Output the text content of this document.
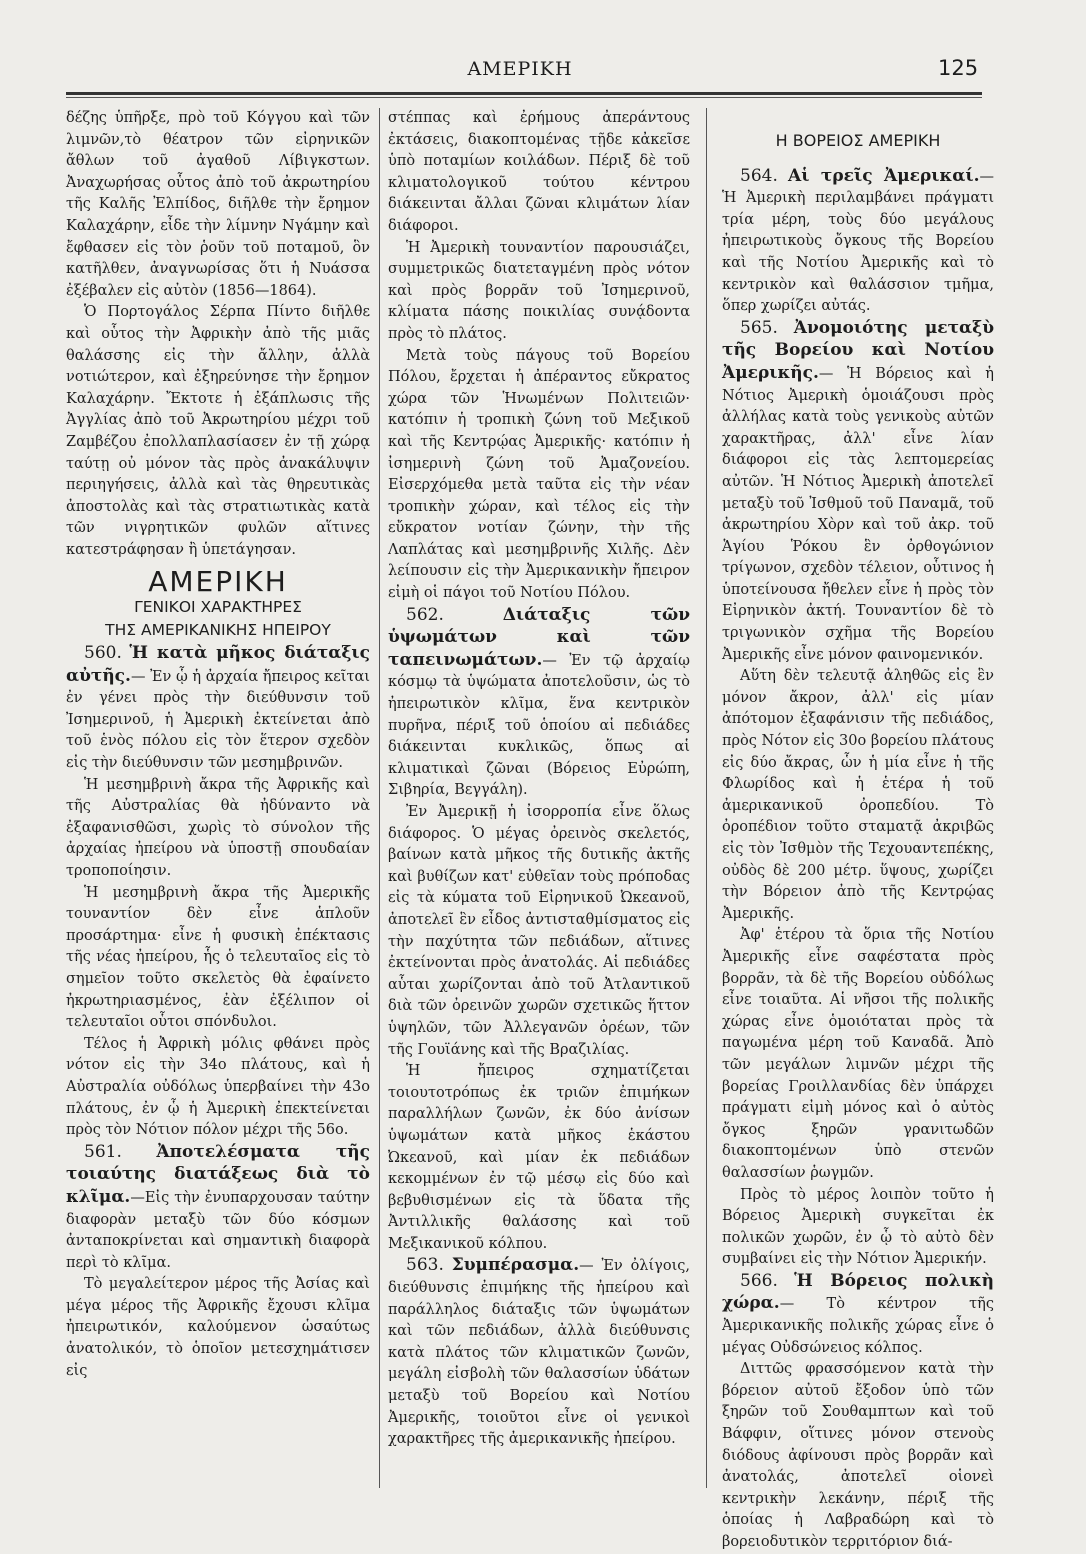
ΑΜΕΡΙΚΗ	125

δέζης ὑπῆρξε, πρὸ τοῦ Κόγγου καὶ τῶν λιμνῶν,τὸ θέατρον τῶν εἰρηνικῶν ἄθλων τοῦ ἀγαθοῦ Λίβιγκστων. Ἀναχωρήσας οὗτος ἀπὸ τοῦ ἀκρωτηρίου τῆς Καλῆς Ἐλπίδος, διῆλθε τὴν ἔρημον Καλαχάρην, εἶδε τὴν λίμνην Νγάμην καὶ ἔφθασεν εἰς τὸν ῥοῦν τοῦ ποταμοῦ, ὃν κατῆλθεν, ἀναγνωρίσας ὅτι ἡ Νυάσσα ἐξέβαλεν εἰς αὐτὸν (1856—1864).

Ὁ Πορτογάλος Σέρπα Πίντο διῆλθε καὶ οὗτος τὴν Ἀφρικὴν ἀπὸ τῆς μιᾶς θαλάσσης εἰς τὴν ἄλλην, ἀλλὰ νοτιώτερον, καὶ ἐξηρεύνησε τὴν ἔρημον Καλαχάρην. Ἔκτοτε ἡ ἐξάπλωσις τῆς Ἀγγλίας ἀπὸ τοῦ Ἀκρωτηρίου μέχρι τοῦ Ζαμβέζου ἐπολλαπλασίασεν ἐν τῇ χώρᾳ ταύτῃ οὐ μόνον τὰς πρὸς ἀνακάλυψιν περιηγήσεις, ἀλλὰ καὶ τὰς θηρευτικὰς ἀποστολὰς καὶ τὰς στρατιωτικὰς κατὰ τῶν νιγρητικῶν φυλῶν αἵτινες κατεστράφησαν ἢ ὑπετάγησαν.

ΑΜΕΡΙΚΗ
ΓΕΝΙΚΟΙ ΧΑΡΑΚΤΗΡΕΣ
ΤΗΣ ΑΜΕΡΙΚΑΝΙΚΗΣ ΗΠΕΙΡΟΥ

560. Ἡ κατὰ μῆκος διάταξις αὐτῆς.— Ἐν ᾧ ἡ ἀρχαία ἤπειρος κεῖται ἐν γένει πρὸς τὴν διεύθυνσιν τοῦ Ἰσημερινοῦ, ἡ Ἀμερικὴ ἐκτείνεται ἀπὸ τοῦ ἑνὸς πόλου εἰς τὸν ἕτερον σχεδὸν εἰς τὴν διεύθυνσιν τῶν μεσημβρινῶν.

Ἡ μεσημβρινὴ ἄκρα τῆς Ἀφρικῆς καὶ τῆς Αὐστραλίας θὰ ἠδύναντο νὰ ἐξαφανισθῶσι, χωρὶς τὸ σύνολον τῆς ἀρχαίας ἠπείρου νὰ ὑποστῇ σπουδαίαν τροποποίησιν.

Ἡ μεσημβρινὴ ἄκρα τῆς Ἀμερικῆς τουναντίον δὲν εἶνε ἁπλοῦν προσάρτημα· εἶνε ἡ φυσικὴ ἐπέκτασις τῆς νέας ἠπείρου, ἧς ὁ τελευταῖος εἰς τὸ σημεῖον τοῦτο σκελετὸς θὰ ἐφαίνετο ἠκρωτηριασμένος, ἐὰν ἐξέλιπον οἱ τελευταῖοι οὗτοι σπόνδυλοι.

Τέλος ἡ Ἀφρικὴ μόλις φθάνει πρὸς νότον εἰς τὴν 34ο πλάτους, καὶ ἡ Αὐστραλία οὐδόλως ὑπερβαίνει τὴν 43ο πλάτους, ἐν ᾧ ἡ Ἀμερικὴ ἐπεκτείνεται πρὸς τὸν Νότιον πόλον μέχρι τῆς 56ο.

561. Ἀποτελέσματα τῆς τοιαύτης διατάξεως διὰ τὸ κλῖμα.—Εἰς τὴν ἐνυπαρχουσαν ταύτην διαφορὰν μεταξὺ τῶν δύο κόσμων ἀνταποκρίνεται καὶ σημαντικὴ διαφορὰ περὶ τὸ κλῖμα.

Τὸ μεγαλείτερον μέρος τῆς Ἀσίας καὶ μέγα μέρος τῆς Ἀφρικῆς ἔχουσι κλῖμα ἠπειρωτικόν, καλούμενον ὡσαύτως ἀνατολικόν, τὸ ὁποῖον μετεσχημάτισεν εἰς

στέππας καὶ ἐρήμους ἀπεράντους ἐκτάσεις, διακοπτομένας τῇδε κἀκεῖσε ὑπὸ ποταμίων κοιλάδων. Πέριξ δὲ τοῦ κλιματολογικοῦ τούτου κέντρου διάκεινται ἄλλαι ζῶναι κλιμάτων λίαν διάφοροι.

Ἡ Ἀμερικὴ τουναντίον παρουσιάζει, συμμετρικῶς διατεταγμένη πρὸς νότον καὶ πρὸς βορρᾶν τοῦ Ἰσημερινοῦ, κλίματα πάσης ποικιλίας συνᾴδοντα πρὸς τὸ πλάτος.

Μετὰ τοὺς πάγους τοῦ Βορείου Πόλου, ἔρχεται ἡ ἀπέραντος εὔκρατος χώρα τῶν Ἡνωμένων Πολιτειῶν· κατόπιν ἡ τροπικὴ ζώνη τοῦ Μεξικοῦ καὶ τῆς Κεντρῴας Ἀμερικῆς· κατόπιν ἡ ἰσημερινὴ ζώνη τοῦ Ἀμαζονείου. Εἰσερχόμεθα μετὰ ταῦτα εἰς τὴν νέαν τροπικὴν χώραν, καὶ τέλος εἰς τὴν εὔκρατον νοτίαν ζώνην, τὴν τῆς Λαπλάτας καὶ μεσημβρινῆς Χιλῆς. Δὲν λείπουσιν εἰς τὴν Ἀμερικανικὴν ἤπειρον εἰμὴ οἱ πάγοι τοῦ Νοτίου Πόλου.

562.	Διάταξις τῶν ὑψωμάτων καὶ τῶν ταπεινωμάτων.— Ἐν τῷ ἀρχαίῳ κόσμῳ τὰ ὑψώματα ἀποτελοῦσιν, ὡς τὸ ἠπειρωτικὸν κλῖμα, ἕνα κεντρικὸν πυρῆνα, πέριξ τοῦ ὁποίου αἱ πεδιάδες διάκεινται κυκλικῶς, ὅπως αἱ κλιματικαὶ ζῶναι (Βόρειος Εὐρώπη, Σιβηρία, Βεγγάλη).

Ἐν Ἀμερικῇ ἡ ἰσορροπία εἶνε ὅλως διάφορος. Ὁ μέγας ὀρεινὸς σκελετός, βαίνων κατὰ μῆκος τῆς δυτικῆς ἀκτῆς καὶ βυθίζων κατ' εὐθεῖαν τοὺς πρόποδας εἰς τὰ κύματα τοῦ Εἰρηνικοῦ Ὠκεανοῦ, ἀποτελεῖ ἓν εἶδος ἀντισταθμίσματος εἰς τὴν παχύτητα τῶν πεδιάδων, αἵτινες ἐκτείνονται πρὸς ἀνατολάς. Αἱ πεδιάδες αὗται χωρίζονται ἀπὸ τοῦ Ἀτλαντικοῦ διὰ τῶν ὀρεινῶν χωρῶν σχετικῶς ἥττον ὑψηλῶν, τῶν Ἀλλεγανῶν ὀρέων, τῶν τῆς Γουϊάνης καὶ τῆς Βραζιλίας.

Ἡ ἤπειρος σχηματίζεται τοιουτοτρόπως ἐκ τριῶν ἐπιμήκων παραλλήλων ζωνῶν, ἐκ δύο ἀνίσων ὑψωμάτων κατὰ μῆκος ἑκάστου Ὠκεανοῦ, καὶ μίαν ἐκ πεδιάδων κεκομμένων ἐν τῷ μέσῳ εἰς δύο καὶ βεβυθισμένων εἰς τὰ ὕδατα τῆς Ἀντιλλικῆς θαλάσσης καὶ τοῦ Μεξικανικοῦ κόλπου.

563. Συμπέρασμα.— Ἐν ὀλίγοις, διεύθυνσις ἐπιμήκης τῆς ἠπείρου καὶ παράλληλος διάταξις τῶν ὑψωμάτων καὶ τῶν πεδιάδων, ἀλλὰ διεύθυνσις κατὰ πλάτος τῶν κλιματικῶν ζωνῶν, μεγάλη εἰσβολὴ τῶν θαλασσίων ὑδάτων μεταξὺ τοῦ Βορείου καὶ Νοτίου Ἀμερικῆς, τοιοῦτοι εἶνε οἱ γενικοὶ χαρακτῆρες τῆς ἀμερικανικῆς ἠπείρου.

Η ΒΟΡΕΙΟΣ ΑΜΕΡΙΚΗ

564. Αἱ τρεῖς Ἀμερικαί.— Ἡ Ἀμερικὴ περιλαμβάνει πράγματι τρία μέρη, τοὺς δύο μεγάλους ἠπειρωτικοὺς ὄγκους τῆς Βορείου καὶ τῆς Νοτίου Ἀμερικῆς καὶ τὸ κεντρικὸν καὶ θαλάσσιον τμῆμα, ὅπερ χωρίζει αὐτάς.

565. Ἀνομοιότης μεταξὺ τῆς Βορείου καὶ Νοτίου Ἀμερικῆς.— Ἡ Βόρειος καὶ ἡ Νότιος Ἀμερικὴ ὁμοιάζουσι πρὸς ἀλλήλας κατὰ τοὺς γενικοὺς αὐτῶν χαρακτῆρας, ἀλλ' εἶνε λίαν διάφοροι εἰς τὰς λεπτομερείας αὐτῶν. Ἡ Νότιος Ἀμερικὴ ἀποτελεῖ μεταξὺ τοῦ Ἰσθμοῦ τοῦ Παναμᾶ, τοῦ ἀκρωτηρίου Χὸρν καὶ τοῦ ἀκρ. τοῦ Ἁγίου Ῥόκου ἓν ὀρθογώνιον τρίγωνον, σχεδὸν τέλειον, οὗτινος ἡ ὑποτείνουσα ἤθελεν εἶνε ἡ πρὸς τὸν Εἰρηνικὸν ἀκτή. Τουναντίον δὲ τὸ τριγωνικὸν σχῆμα τῆς Βορείου Ἀμερικῆς εἶνε μόνον φαινομενικόν.

Αὕτη δὲν τελευτᾷ ἀληθῶς εἰς ἓν μόνον ἄκρον, ἀλλ' εἰς μίαν ἀπότομον ἐξαφάνισιν τῆς πεδιάδος, πρὸς Νότον εἰς 30ο βορείου πλάτους εἰς δύο ἄκρας, ὧν ἡ μία εἶνε ἡ τῆς Φλωρίδος καὶ ἡ ἑτέρα ἡ τοῦ ἀμερικανικοῦ ὀροπεδίου. Τὸ ὀροπέδιον τοῦτο σταματᾷ ἀκριβῶς εἰς τὸν Ἰσθμὸν τῆς Τεχουαντεπέκης, οὐδὸς δὲ 200 μέτρ. ὕψους, χωρίζει τὴν Βόρειον ἀπὸ τῆς Κεντρῴας Ἀμερικῆς.

Ἀφ' ἑτέρου τὰ ὅρια τῆς Νοτίου Ἀμερικῆς εἶνε σαφέστατα πρὸς βορρᾶν, τὰ δὲ τῆς Βορείου οὐδόλως εἶνε τοιαῦτα. Αἱ νῆσοι τῆς πολικῆς χώρας εἶνε ὁμοιόταται πρὸς τὰ παγωμένα μέρη τοῦ Καναδᾶ. Ἀπὸ τῶν μεγάλων λιμνῶν μέχρι τῆς βορείας Γροιλλανδίας δὲν ὑπάρχει πράγματι εἰμὴ μόνος καὶ ὁ αὐτὸς ὄγκος ξηρῶν γρανιτωδῶν διακοπτομένων ὑπὸ στενῶν θαλασσίων ῥωγμῶν.

Πρὸς τὸ μέρος λοιπὸν τοῦτο ἡ Βόρειος Ἀμερικὴ συγκεῖται ἐκ πολικῶν χωρῶν, ἐν ᾧ τὸ αὐτὸ δὲν συμβαίνει εἰς τὴν Νότιον Ἀμερικήν.

566. Ἡ Βόρειος πολικὴ χώρα.— Τὸ κέντρον τῆς Ἀμερικανικῆς πολικῆς χώρας εἶνε ὁ μέγας Οὐδσώνειος κόλπος.

Διττῶς φρασσόμενον κατὰ τὴν βόρειον αὐτοῦ ἔξοδον ὑπὸ τῶν ξηρῶν τοῦ Σουθαμπτων καὶ τοῦ Βάφφιν, οἵτινες μόνον στενοὺς διόδους ἀφίνουσι πρὸς βορρᾶν καὶ ἀνατολάς, ἀποτελεῖ οἱονεὶ κεντρικὴν λεκάνην, πέριξ τῆς ὁποίας ἡ Λαβραδώρη καὶ τὸ βορειοδυτικὸν τερριτόριον διά-
